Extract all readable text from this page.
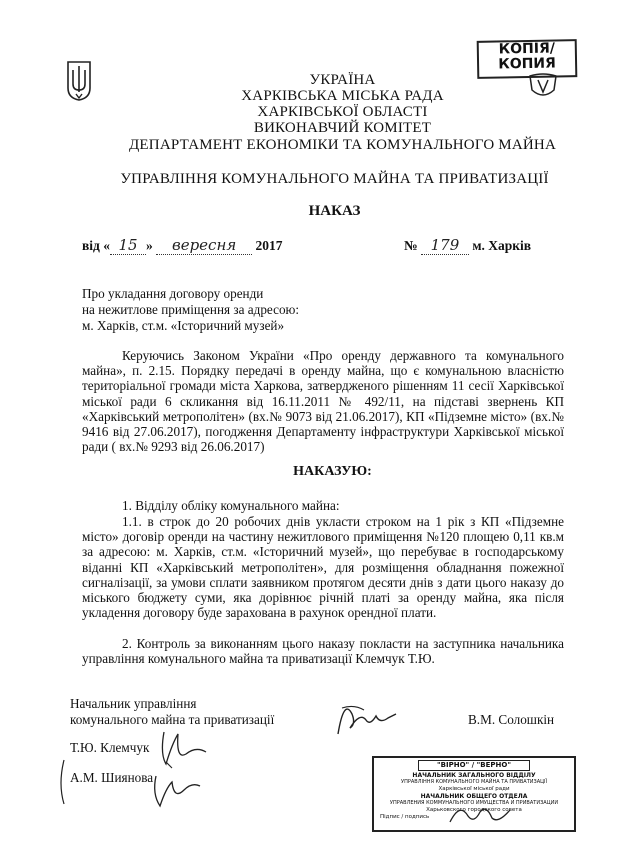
КОПІЯ/
КОПИЯ
УКРАЇНА
ХАРКІВСЬКА МІСЬКА РАДА
ХАРКІВСЬКОЇ ОБЛАСТІ
ВИКОНАВЧИЙ КОМІТЕТ
ДЕПАРТАМЕНТ ЕКОНОМІКИ ТА КОМУНАЛЬНОГО МАЙНА
УПРАВЛІННЯ КОМУНАЛЬНОГО МАЙНА ТА ПРИВАТИЗАЦІЇ
НАКАЗ
від « 15 » вересня 2017	№ 179 м. Харків
Про укладання договору оренди
на нежитлове приміщення за адресою:
м. Харків, ст.м. «Історичний музей»
Керуючись Законом України «Про оренду державного та комунального майна», п. 2.15. Порядку передачі в оренду майна, що є комунальною власністю територіальної громади міста Харкова, затвердженого рішенням 11 сесії Харківської міської ради 6 скликання від 16.11.2011 № 492/11, на підставі звернень КП «Харківський метрополітен» (вх.№ 9073 від 21.06.2017), КП «Підземне місто» (вх.№ 9416 від 27.06.2017), погодження Департаменту інфраструктури Харківської міської ради ( вх.№ 9293 від 26.06.2017)
НАКАЗУЮ:
1. Відділу обліку комунального майна:
1.1. в строк до 20 робочих днів укласти строком на 1 рік з КП «Підземне місто» договір оренди на частину нежитлового приміщення №120 площею 0,11 кв.м за адресою: м. Харків, ст.м. «Історичний музей», що перебуває в господарському віданні КП «Харківський метрополітен», для розміщення обладнання пожежної сигналізації, за умови сплати заявником протягом десяти днів з дати цього наказу до міського бюджету суми, яка дорівнює річній платі за оренду майна, яка після укладення договору буде зарахована в рахунок орендної плати.
2. Контроль за виконанням цього наказу покласти на заступника начальника управління комунального майна та приватизації Клемчук Т.Ю.
Начальник управління
комунального майна та приватизації	В.М. Солошкін
Т.Ю. Клемчук
А.М. Шиянова
"ВІРНО" / "ВЕРНО"
НАЧАЛЬНИК ЗАГАЛЬНОГО ВІДДІЛУ
УПРАВЛІННЯ КОМУНАЛЬНОГО МАЙНА ТА ПРИВАТИЗАЦІЇ
Харківської міської ради
НАЧАЛЬНИК ОБЩЕГО ОТДЕЛА
УПРАВЛЕНИЯ КОММУНАЛЬНОГО ИМУЩЕСТВА И ПРИВАТИЗАЦИИ
Харьковского городского совета
Підпис / подпись
